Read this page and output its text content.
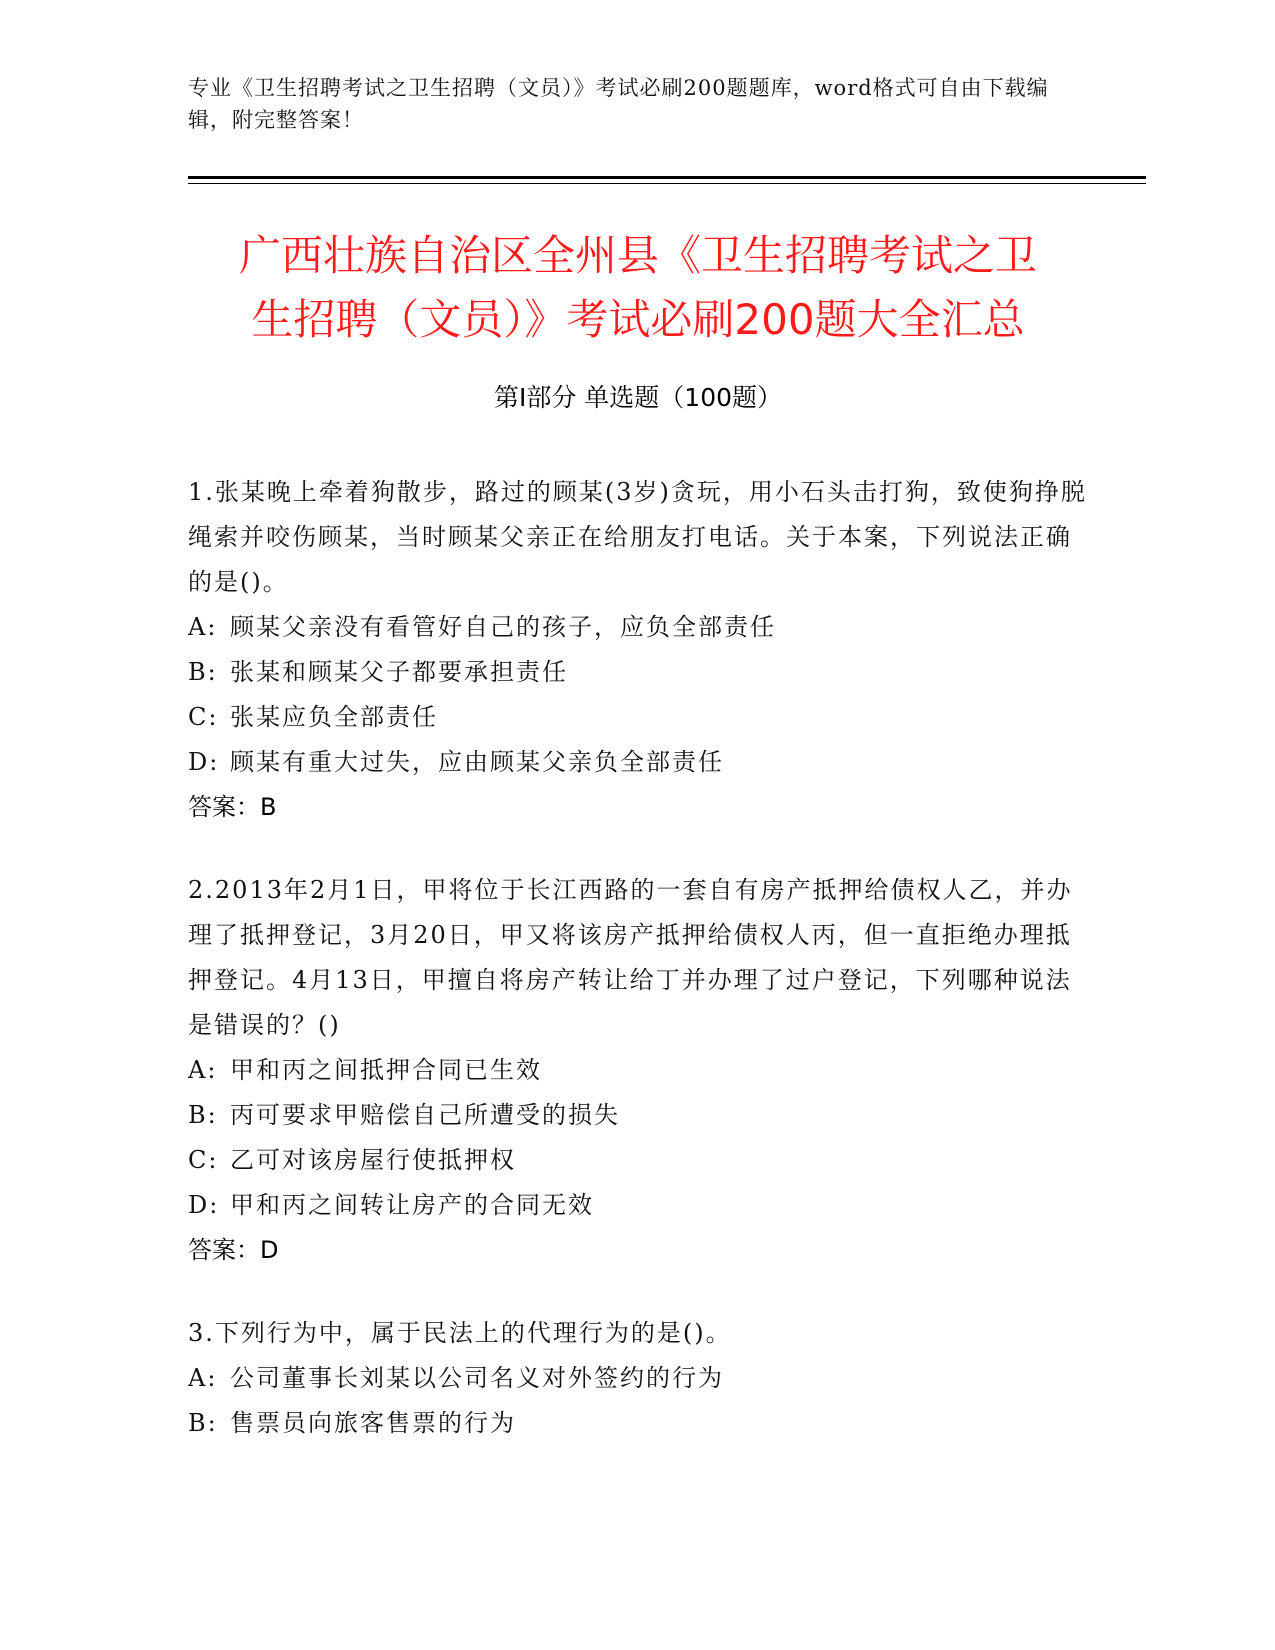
专业《卫生招聘考试之卫生招聘（文员）》考试必刷200题题库，word格式可自由下载编辑，附完整答案！
广西壮族自治区全州县《卫生招聘考试之卫
生招聘（文员）》考试必刷200题大全汇总
第I部分 单选题（100题）

1.张某晚上牵着狗散步，路过的顾某(3岁)贪玩，用小石头击打狗，致使狗挣脱绳索并咬伤顾某，当时顾某父亲正在给朋友打电话。关于本案，下列说法正确的是()。

A: 顾某父亲没有看管好自己的孩子，应负全部责任

B: 张某和顾某父子都要承担责任

C: 张某应负全部责任

D: 顾某有重大过失，应由顾某父亲负全部责任

答案：B

2.2013年2月1日，甲将位于长江西路的一套自有房产抵押给债权人乙，并办理了抵押登记，3月20日，甲又将该房产抵押给债权人丙，但一直拒绝办理抵押登记。4月13日，甲擅自将房产转让给丁并办理了过户登记，下列哪种说法是错误的？()

A: 甲和丙之间抵押合同已生效

B: 丙可要求甲赔偿自己所遭受的损失

C: 乙可对该房屋行使抵押权

D: 甲和丙之间转让房产的合同无效

答案：D

3.下列行为中，属于民法上的代理行为的是()。

A: 公司董事长刘某以公司名义对外签约的行为

B: 售票员向旅客售票的行为
